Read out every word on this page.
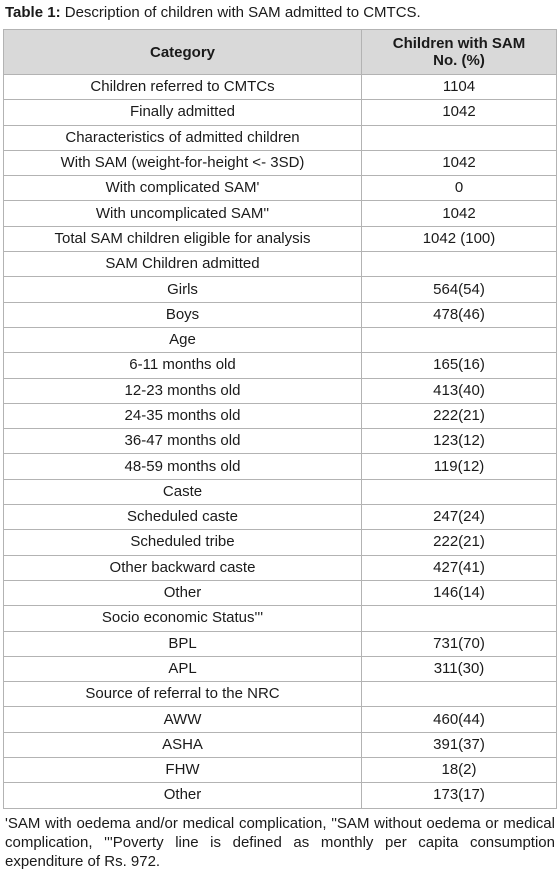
Table 1: Description of children with SAM admitted to CMTCS.
Category	Children with SAM
No. (%)
Children referred to CMTCs	1104
Finally admitted	1042
Characteristics of admitted children	
With SAM (weight-for-height <- 3SD)	1042
With complicated SAM'	0
With uncomplicated SAM''	1042
Total SAM children eligible for analysis	1042 (100)
SAM Children admitted	
Girls	564(54)
Boys	478(46)
Age	
6-11 months old	165(16)
12-23 months old	413(40)
24-35 months old	222(21)
36-47 months old	123(12)
48-59 months old	119(12)
Caste	
Scheduled caste	247(24)
Scheduled tribe	222(21)
Other backward caste	427(41)
Other	146(14)
Socio economic Status'''	
BPL	731(70)
APL	311(30)
Source of referral to the NRC	
AWW	460(44)
ASHA	391(37)
FHW	18(2)
Other	173(17)
'SAM with oedema and/or medical complication, ''SAM without oedema or medical complication, '''Poverty line is defined as monthly per capita consumption expenditure of Rs. 972.
